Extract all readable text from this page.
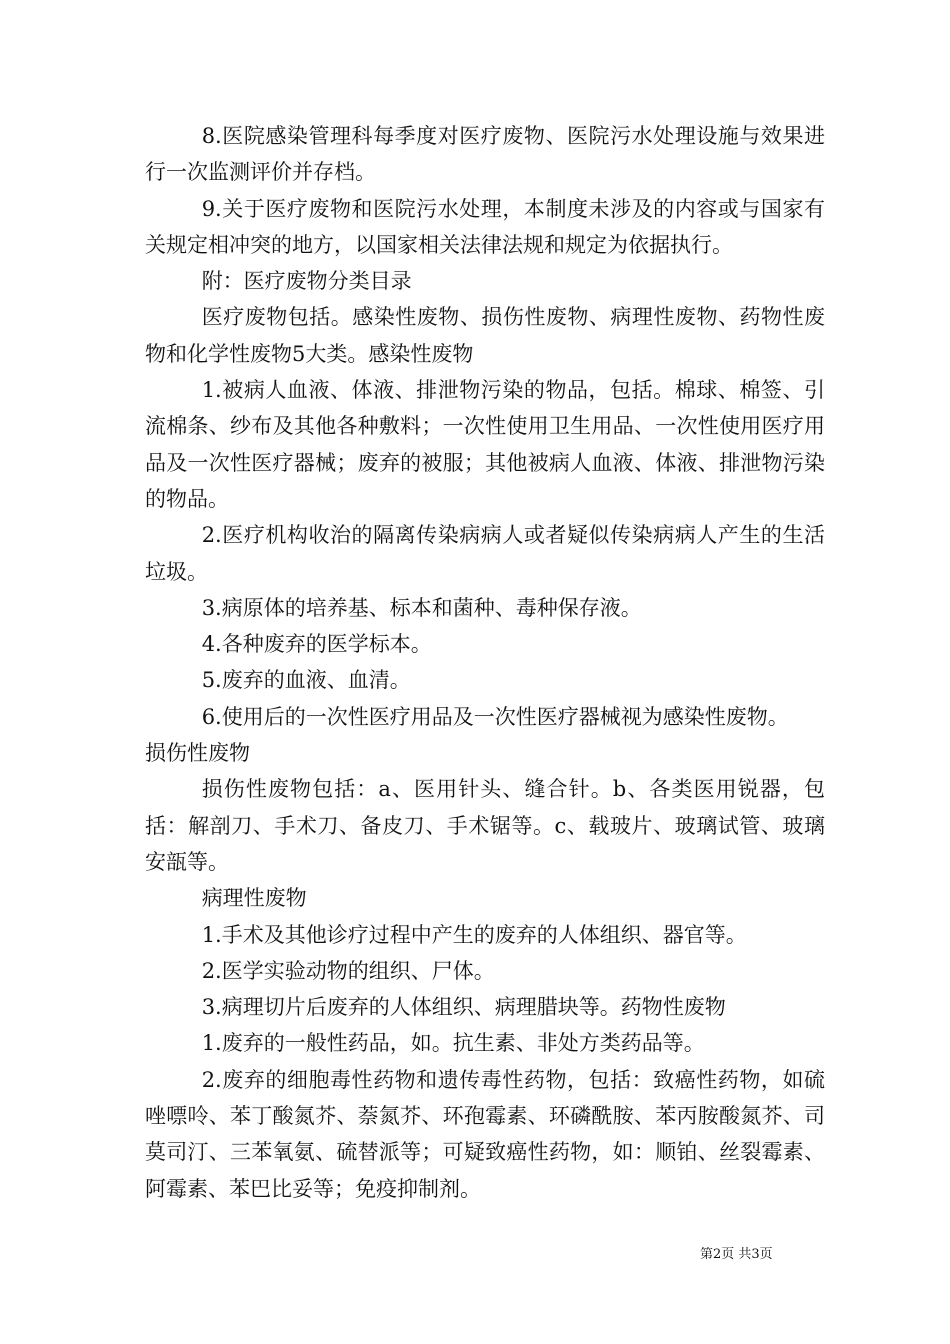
8.医院感染管理科每季度对医疗废物、医院污水处理设施与效果进行一次监测评价并存档。

9.关于医疗废物和医院污水处理，本制度未涉及的内容或与国家有关规定相冲突的地方，以国家相关法律法规和规定为依据执行。

附：医疗废物分类目录

医疗废物包括。感染性废物、损伤性废物、病理性废物、药物性废物和化学性废物5大类。感染性废物

1.被病人血液、体液、排泄物污染的物品，包括。棉球、棉签、引流棉条、纱布及其他各种敷料；一次性使用卫生用品、一次性使用医疗用品及一次性医疗器械；废弃的被服；其他被病人血液、体液、排泄物污染的物品。

2.医疗机构收治的隔离传染病病人或者疑似传染病病人产生的生活垃圾。

3.病原体的培养基、标本和菌种、毒种保存液。

4.各种废弃的医学标本。

5.废弃的血液、血清。

6.使用后的一次性医疗用品及一次性医疗器械视为感染性废物。

损伤性废物

损伤性废物包括：a、医用针头、缝合针。b、各类医用锐器，包括：解剖刀、手术刀、备皮刀、手术锯等。c、载玻片、玻璃试管、玻璃安瓿等。

病理性废物

1.手术及其他诊疗过程中产生的废弃的人体组织、器官等。

2.医学实验动物的组织、尸体。

3.病理切片后废弃的人体组织、病理腊块等。药物性废物

1.废弃的一般性药品，如。抗生素、非处方类药品等。

2.废弃的细胞毒性药物和遗传毒性药物，包括：致癌性药物，如硫唑嘌呤、苯丁酸氮芥、萘氮芥、环孢霉素、环磷酰胺、苯丙胺酸氮芥、司莫司汀、三苯氧氨、硫替派等；可疑致癌性药物，如：顺铂、丝裂霉素、阿霉素、苯巴比妥等；免疫抑制剂。

第2页 共3页
